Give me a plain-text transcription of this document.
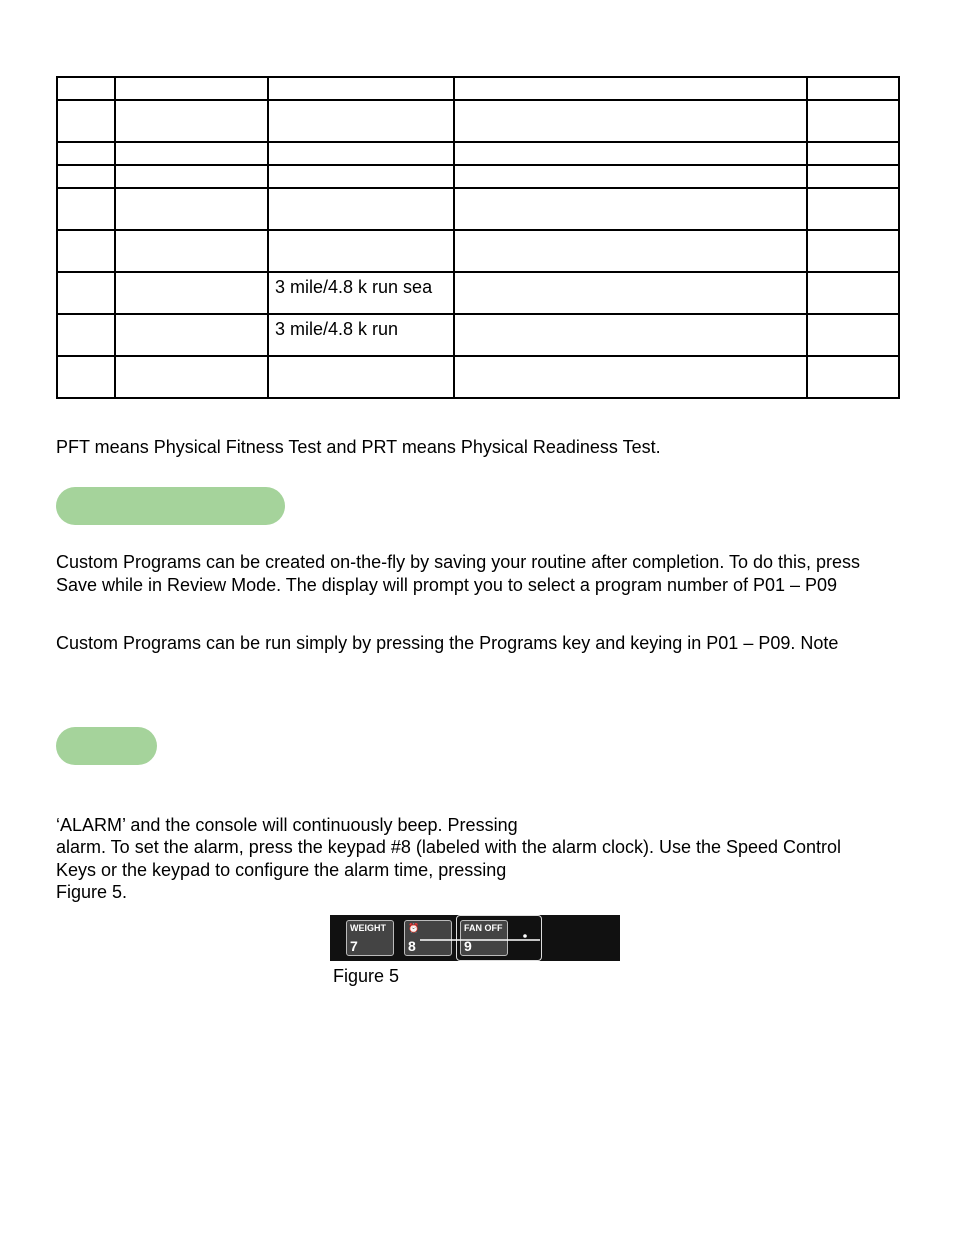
		3 mile/4.8 k run sea		

		3 mile/4.8 k run		

PFT means Physical Fitness Test and PRT means Physical Readiness Test.

Custom Programs can be created on-the-fly by saving your routine after completion. To do this, press

Save while in Review Mode. The display will prompt you to select a program number of P01 – P09

Custom Programs can be run simply by pressing the Programs key and keying in P01 – P09. Note

‘ALARM’ and the console will continuously beep. Pressing

alarm. To set the alarm, press the keypad #8 (labeled with the alarm clock). Use the Speed Control

Keys or the keypad to configure the alarm time, pressing

Figure 5.

WEIGHT
7
⏰
8
FAN OFF
9
Figure 5
